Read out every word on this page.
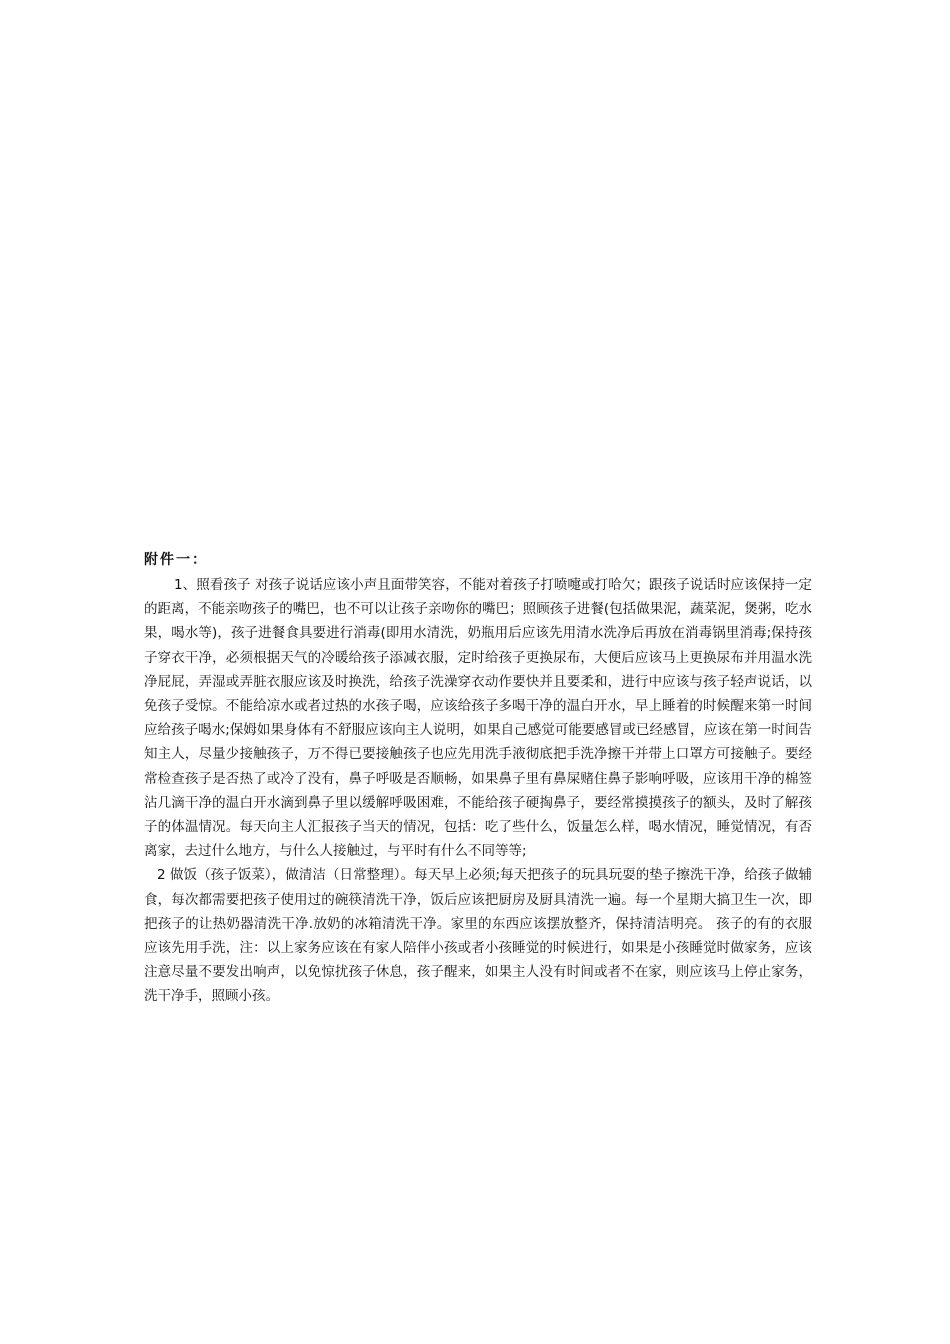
附件一：

1、照看孩子 对孩子说话应该小声且面带笑容，不能对着孩子打喷嚏或打哈欠；跟孩子说话时应该保持一定的距离，不能亲吻孩子的嘴巴，也不可以让孩子亲吻你的嘴巴；照顾孩子进餐(包括做果泥，蔬菜泥，煲粥，吃水果，喝水等)，孩子进餐食具要进行消毒(即用水清洗，奶瓶用后应该先用清水洗净后再放在消毒锅里消毒;保持孩子穿衣干净，必须根据天气的冷暖给孩子添减衣服，定时给孩子更换尿布，大便后应该马上更换尿布并用温水洗净屁屁，弄湿或弄脏衣服应该及时换洗，给孩子洗澡穿衣动作要快并且要柔和，进行中应该与孩子轻声说话，以免孩子受惊。不能给凉水或者过热的水孩子喝，应该给孩子多喝干净的温白开水，早上睡着的时候醒来第一时间应给孩子喝水;保姆如果身体有不舒服应该向主人说明，如果自己感觉可能要感冒或已经感冒，应该在第一时间告知主人，尽量少接触孩子，万不得已要接触孩子也应先用洗手液彻底把手洗净擦干并带上口罩方可接触子。要经常检查孩子是否热了或冷了没有，鼻子呼吸是否顺畅，如果鼻子里有鼻屎赌住鼻子影响呼吸，应该用干净的棉签沾几滴干净的温白开水滴到鼻子里以缓解呼吸困难，不能给孩子硬掏鼻子，要经常摸摸孩子的额头，及时了解孩子的体温情况。每天向主人汇报孩子当天的情况，包括：吃了些什么，饭量怎么样，喝水情况，睡觉情况，有否离家，去过什么地方，与什么人接触过，与平时有什么不同等等;

2 做饭（孩子饭菜），做清洁（日常整理）。每天早上必须;每天把孩子的玩具玩耍的垫子擦洗干净，给孩子做辅食，每次都需要把孩子使用过的碗筷清洗干净，饭后应该把厨房及厨具清洗一遍。每一个星期大搞卫生一次，即把孩子的让热奶器清洗干净.放奶的冰箱清洗干净。家里的东西应该摆放整齐，保持清洁明亮。 孩子的有的衣服应该先用手洗，注：以上家务应该在有家人陪伴小孩或者小孩睡觉的时候进行，如果是小孩睡觉时做家务，应该注意尽量不要发出响声，以免惊扰孩子休息，孩子醒来，如果主人没有时间或者不在家，则应该马上停止家务，洗干净手，照顾小孩。
